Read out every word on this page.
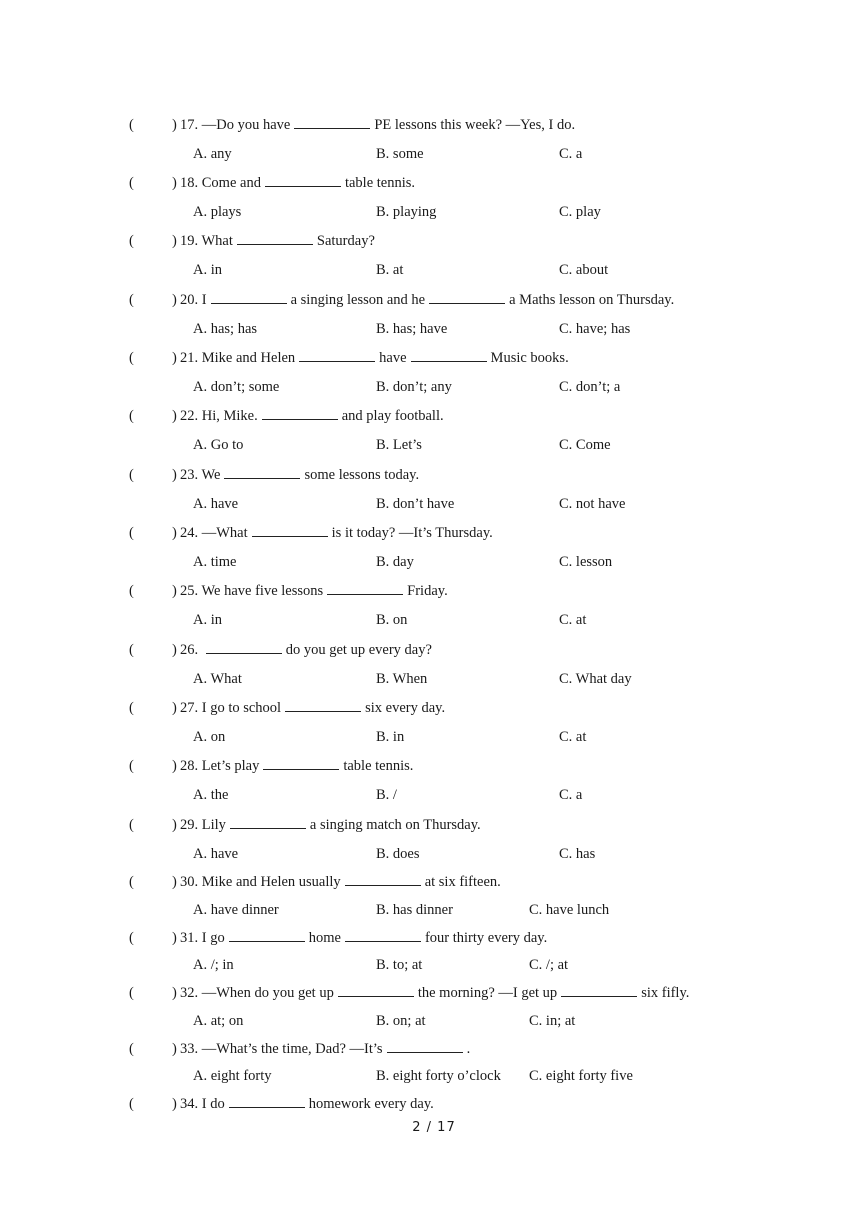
(	) 17. —Do you have	PE lessons this week? —Yes, I do.
A. any	B. some	C. a
(	) 18. Come and	table tennis.
A. plays	B. playing	C. play
(	) 19. What	Saturday?
A. in	B. at	C. about
(	) 20. I	a singing lesson and he	a Maths lesson on Thursday.
A. has; has	B. has; have	C. have; has
(	) 21. Mike and Helen	have	Music books.
A. don’t; some	B. don’t; any	C. don’t; a
(	) 22. Hi, Mike.	and play football.
A. Go to	B. Let’s	C. Come
(	) 23. We	some lessons today.
A. have	B. don’t have	C. not have
(	) 24. —What	is it today? —It’s Thursday.
A. time	B. day	C. lesson
(	) 25. We have five lessons	Friday.
A. in	B. on	C. at
(	) 26.	do you get up every day?
A. What	B. When	C. What day
(	) 27. I go to school	six every day.
A. on	B. in	C. at
(	) 28. Let’s play	table tennis.
A. the	B. /	C. a
(	) 29. Lily	a singing match on Thursday.
A. have	B. does	C. has
(	) 30. Mike and Helen usually	at six fifteen.
A. have dinner	B. has dinner	C. have lunch
(	) 31. I go	home	four thirty every day.
A. /; in	B. to; at	C. /; at
(	) 32. —When do you get up	the morning? —I get up	six fifly.
A. at; on	B. on; at	C. in; at
(	) 33. —What’s the time, Dad? —It’s	.
A. eight forty	B. eight forty o’clock C. eight forty five
(	) 34. I do	homework every day.
2 / 17
